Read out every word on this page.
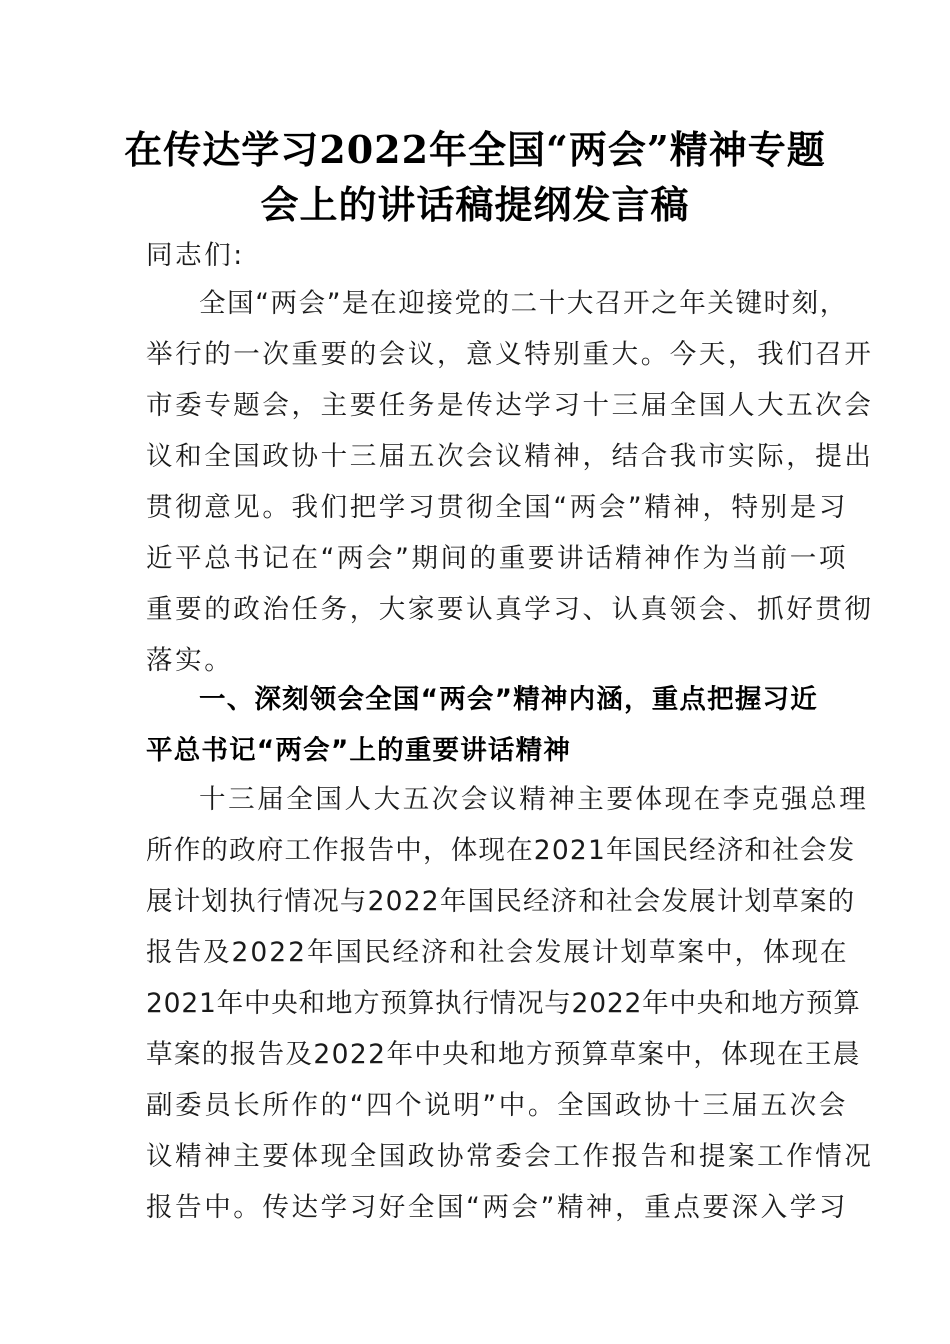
在传达学习2022年全国“两会”精神专题
会上的讲话稿提纲发言稿
同志们:
全国“两会”是在迎接党的二十大召开之年关键时刻，
举行的一次重要的会议，意义特别重大。今天，我们召开
市委专题会，主要任务是传达学习十三届全国人大五次会
议和全国政协十三届五次会议精神，结合我市实际，提出
贯彻意见。我们把学习贯彻全国“两会”精神，特别是习
近平总书记在“两会”期间的重要讲话精神作为当前一项
重要的政治任务，大家要认真学习、认真领会、抓好贯彻
落实。
一、深刻领会全国“两会”精神内涵，重点把握习近
平总书记“两会”上的重要讲话精神
十三届全国人大五次会议精神主要体现在李克强总理
所作的政府工作报告中，体现在2021年国民经济和社会发
展计划执行情况与2022年国民经济和社会发展计划草案的
报告及2022年国民经济和社会发展计划草案中，体现在
2021年中央和地方预算执行情况与2022年中央和地方预算
草案的报告及2022年中央和地方预算草案中，体现在王晨
副委员长所作的“四个说明”中。全国政协十三届五次会
议精神主要体现全国政协常委会工作报告和提案工作情况
报告中。传达学习好全国“两会”精神，重点要深入学习
